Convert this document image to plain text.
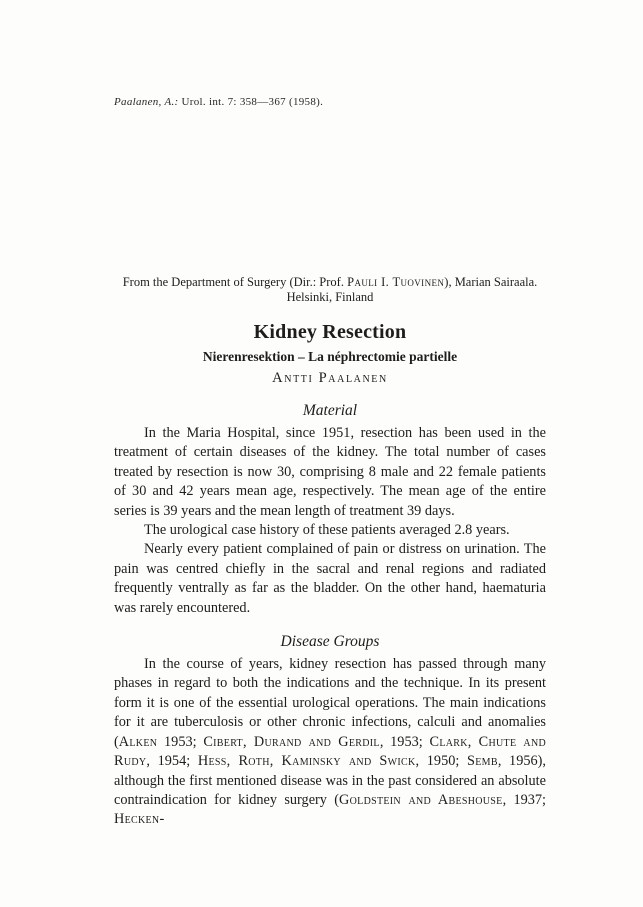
Paalanen, A.: Urol. int. 7: 358—367 (1958).

From the Department of Surgery (Dir.: Prof. Pauli I. Tuovinen), Marian Sairaala.

Helsinki, Finland

Kidney Resection
Nierenresektion – La néphrectomie partielle

Antti Paalanen

Material

In the Maria Hospital, since 1951, resection has been used in the treatment of certain diseases of the kidney. The total number of cases treated by resection is now 30, comprising 8 male and 22 female patients of 30 and 42 years mean age, respectively. The mean age of the entire series is 39 years and the mean length of treatment 39 days.

The urological case history of these patients averaged 2.8 years.

Nearly every patient complained of pain or distress on urination. The pain was centred chiefly in the sacral and renal regions and radiated frequently ventrally as far as the bladder. On the other hand, haematuria was rarely encountered.

Disease Groups

In the course of years, kidney resection has passed through many phases in regard to both the indications and the technique. In its present form it is one of the essential urological operations. The main indications for it are tuberculosis or other chronic infections, calculi and anomalies (Alken 1953; Cibert, Durand and Gerdil, 1953; Clark, Chute and Rudy, 1954; Hess, Roth, Kaminsky and Swick, 1950; Semb, 1956), although the first mentioned disease was in the past considered an absolute contraindication for kidney surgery (Goldstein and Abeshouse, 1937; Hecken-
